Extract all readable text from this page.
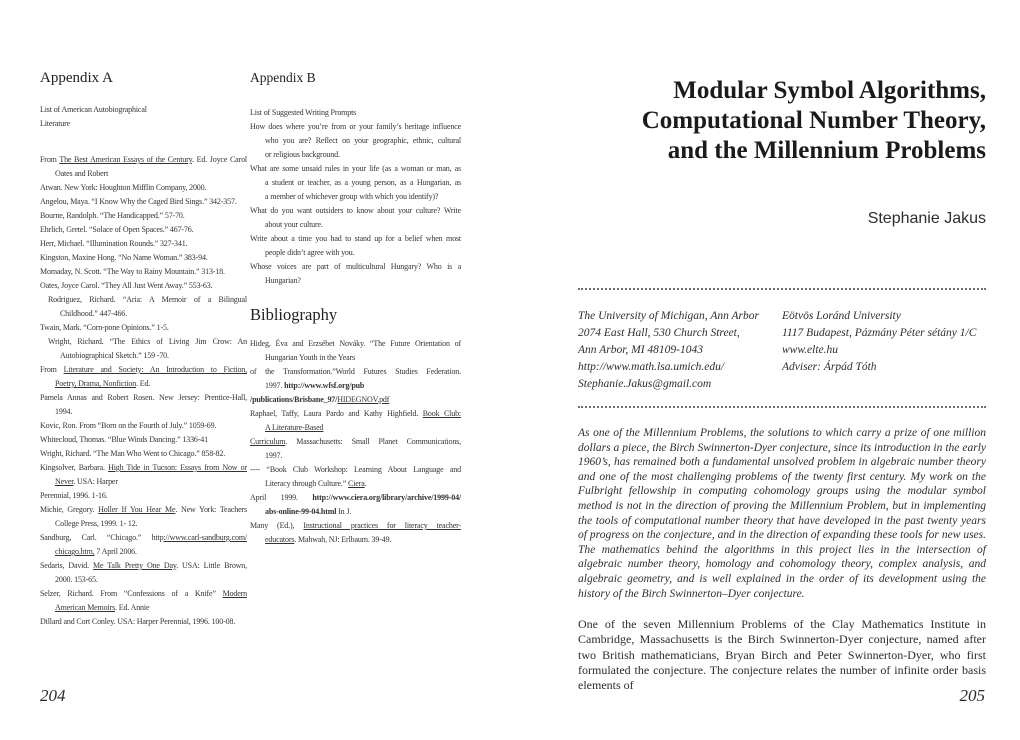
Appendix A
List of American Autobiographical
Literature
From The Best American Essays of the Century. Ed. Joyce Carol
Oates and Robert
Atwan. New York: Houghton Mifflin Company, 2000.
Angelou, Maya. “I Know Why the Caged Bird Sings.” 342-357.
Bourne, Randolph. “The Handicapped.” 57-70.
Ehrlich, Gretel. “Solace of Open Spaces.” 467-76.
Herr, Michael. “Illumination Rounds.” 327-341.
Kingston, Maxine Hong. “No Name Woman.” 383-94.
Momaday, N. Scott. “The Way to Rainy Mountain.” 313-18.
Oates, Joyce Carol. “They All Just Went Away.” 553-63.
Rodriguez, Richard. “Aria: A Memoir of a Bilingual
Childhood.” 447-466.
Twain, Mark. “Corn-pone Opinions.” 1-5.
Wright, Richard. “The Ethics of Living Jim Crow: An
Autobiographical Sketch.” 159 -70.
From Literature and Society: An Introduction to Fiction,
Poetry, Drama, Nonfiction. Ed.
Pamela Annas and Robert Rosen. New Jersey: Prentice-Hall,
1994.
Kovic, Ron. From “Born on the Fourth of July.” 1059-69.
Whitecloud, Thomas. “Blue Winds Dancing.” 1336-41
Wright, Richard. “The Man Who Went to Chicago.” 858-82.
Kingsolver, Barbara. High Tide in Tucson: Essays from Now or
Never. USA: Harper
Perennial, 1996. 1-16.
Michie, Gregory. Holler If You Hear Me. New York: Teachers
College Press, 1999. 1- 12.
Sandburg, Carl. “Chicago.” http://www.carl-sandburg.com/
chicago.htm, 7 April 2006.
Sedaris, David. Me Talk Pretty One Day. USA: Little Brown,
2000. 153-65.
Selzer, Richard. From “Confessions of a Knife” Modern
American Memoirs. Ed. Annie
Dillard and Cort Conley. USA: Harper Perennial, 1996. 100-08.
Appendix B
List of Suggested Writing Prompts
How does where you’re from or your family’s heritage influence
who you are? Reflect on your geographic, ethnic, cultural
or religious background.
What are some unsaid rules in your life (as a woman or man, as
a student or teacher, as a young person, as a Hungarian, as
a member of whichever group with which you identify)?
What do you want outsiders to know about your culture? Write
about your culture.
Write about a time you had to stand up for a belief when most
people didn’t agree with you.
Whose voices are part of multicultural Hungary? Who is a
Hungarian?
Bibliography
Hideg, Éva and Erzsébet Nováky. “The Future Orientation of
Hungarian Youth in the Years
of the Transformation.”World Futures Studies Federation.
1997. http://www.wfsf.org/pub
/publications/Brisbane_97/HIDEGNOV.pdf
Raphael, Taffy, Laura Pardo and Kathy Highfield. Book Club:
A Literature-Based
Curriculum. Massachusetts: Small Planet Communications,
1997.
---- “Book Club Workshop: Learning About Language and
Literacy through Culture.” Ciera.
April 1999. http://www.ciera.org/library/archive/1999-04/
abs-online-99-04.html In J.
Many (Ed.), Instructional practices for literacy teacher-
educators. Mahwah, NJ: Erlbaum. 39-49.
Modular Symbol Algorithms,
Computational Number Theory,
and the Millennium Problems
Stephanie Jakus
The University of Michigan, Ann Arbor
2074 East Hall, 530 Church Street,
Ann Arbor, MI 48109-1043
http://www.math.lsa.umich.edu/
Stephanie.Jakus@gmail.com
Eötvös Loránd University
1117 Budapest, Pázmány Péter sétány 1/C
www.elte.hu
Adviser: Árpád Tóth
As one of the Millennium Problems, the solutions to which carry a prize of one million dollars a piece, the Birch Swinnerton-Dyer conjecture, since its introduction in the early 1960’s, has remained both a fundamental unsolved problem in algebraic number theory and one of the most challenging problems of the twenty first century. My work on the Fulbright fellowship in computing cohomology groups using the modular symbol method is not in the direction of proving the Millennium Problem, but in implementing the tools of computational number theory that have developed in the past twenty years of progress on the conjecture, and in the direction of expanding these tools for new uses. The mathematics behind the algorithms in this project lies in the intersection of algebraic number theory, homology and cohomology theory, complex analysis, and algebraic geometry, and is well explained in the order of its development using the history of the Birch Swinnerton–Dyer conjecture.
One of the seven Millennium Problems of the Clay Mathematics Institute in Cambridge, Massachusetts is the Birch Swinnerton-Dyer conjecture, named after two British mathematicians, Bryan Birch and Peter Swinnerton-Dyer, who first formulated the conjecture. The conjecture relates the number of infinite order basis elements of
204	205
